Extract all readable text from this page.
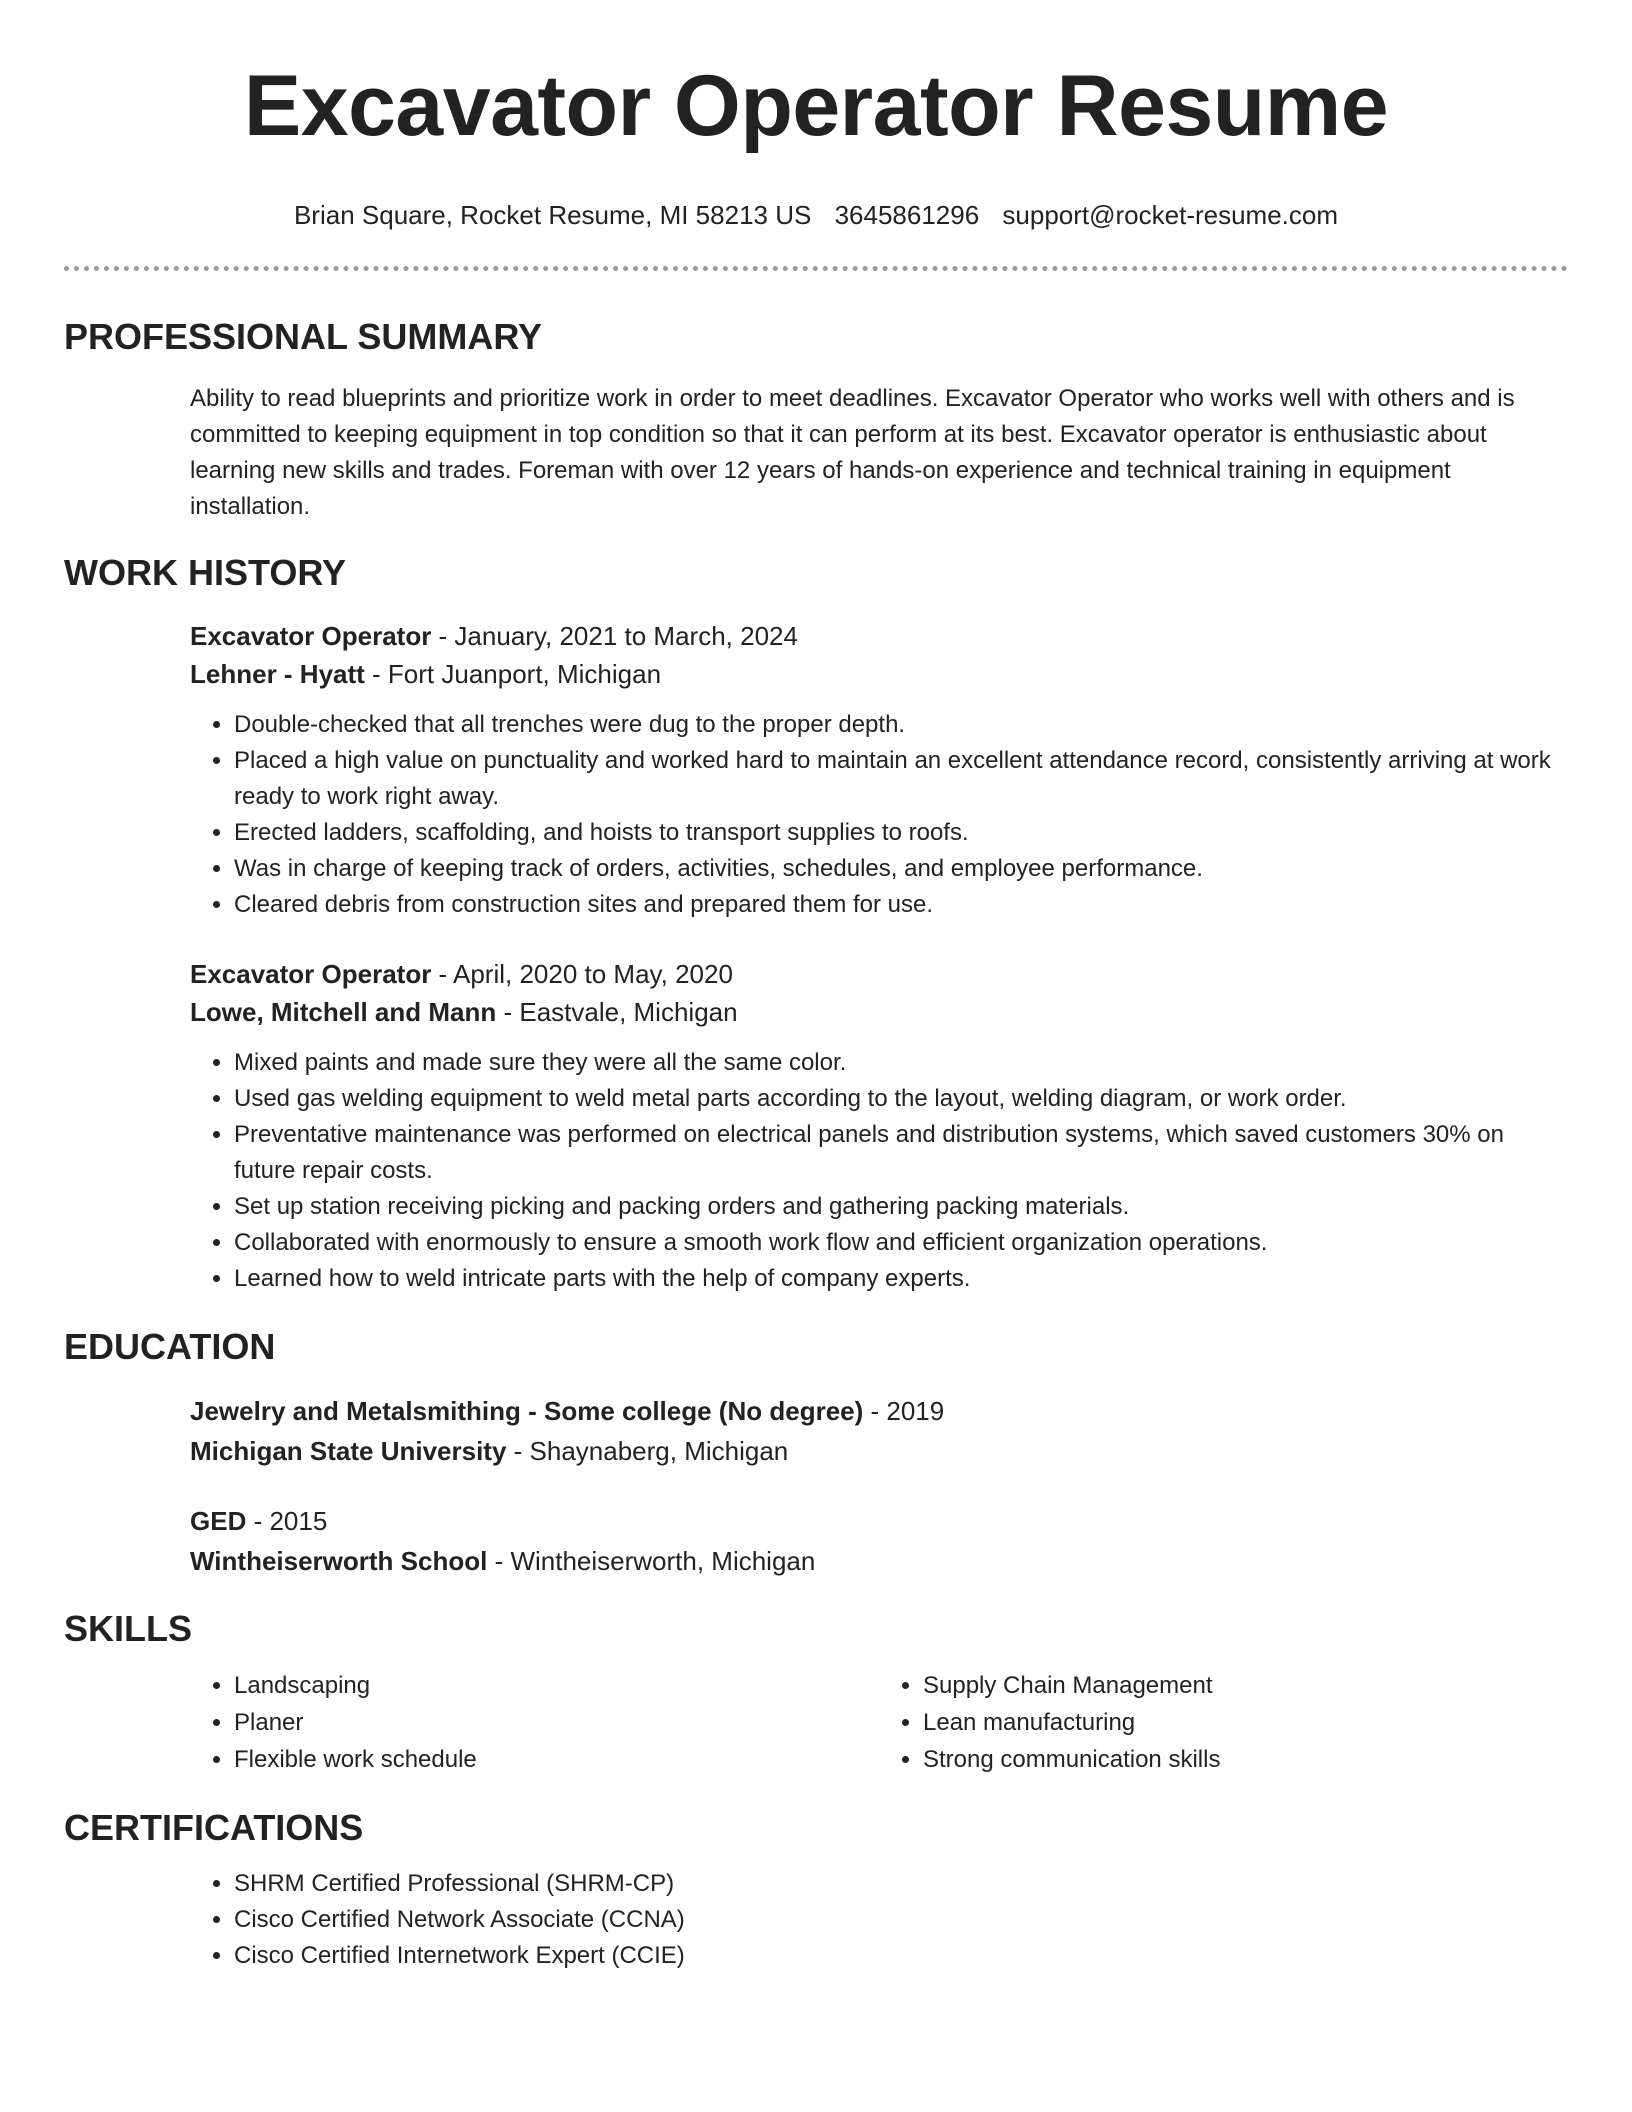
Excavator Operator Resume
Brian Square, Rocket Resume, MI 58213 US 3645861296 support@rocket-resume.com
PROFESSIONAL SUMMARY
Ability to read blueprints and prioritize work in order to meet deadlines. Excavator Operator who works well with others and is committed to keeping equipment in top condition so that it can perform at its best. Excavator operator is enthusiastic about learning new skills and trades. Foreman with over 12 years of hands-on experience and technical training in equipment installation.
WORK HISTORY

Excavator Operator - January, 2021 to March, 2024

Lehner - Hyatt - Fort Juanport, Michigan

• Double-checked that all trenches were dug to the proper depth.
• Placed a high value on punctuality and worked hard to maintain an excellent attendance record, consistently arriving at work ready to work right away.
• Erected ladders, scaffolding, and hoists to transport supplies to roofs.
• Was in charge of keeping track of orders, activities, schedules, and employee performance.
• Cleared debris from construction sites and prepared them for use.

Excavator Operator - April, 2020 to May, 2020

Lowe, Mitchell and Mann - Eastvale, Michigan

• Mixed paints and made sure they were all the same color.
• Used gas welding equipment to weld metal parts according to the layout, welding diagram, or work order.
• Preventative maintenance was performed on electrical panels and distribution systems, which saved customers 30% on future repair costs.
• Set up station receiving picking and packing orders and gathering packing materials.
• Collaborated with enormously to ensure a smooth work flow and efficient organization operations.
• Learned how to weld intricate parts with the help of company experts.
EDUCATION

Jewelry and Metalsmithing - Some college (No degree) - 2019

Michigan State University - Shaynaberg, Michigan

GED - 2015

Wintheiserworth School - Wintheiserworth, Michigan

SKILLS
• Landscaping
• Planer
• Flexible work schedule
• Supply Chain Management
• Lean manufacturing
• Strong communication skills
CERTIFICATIONS
• SHRM Certified Professional (SHRM-CP)
• Cisco Certified Network Associate (CCNA)
• Cisco Certified Internetwork Expert (CCIE)
